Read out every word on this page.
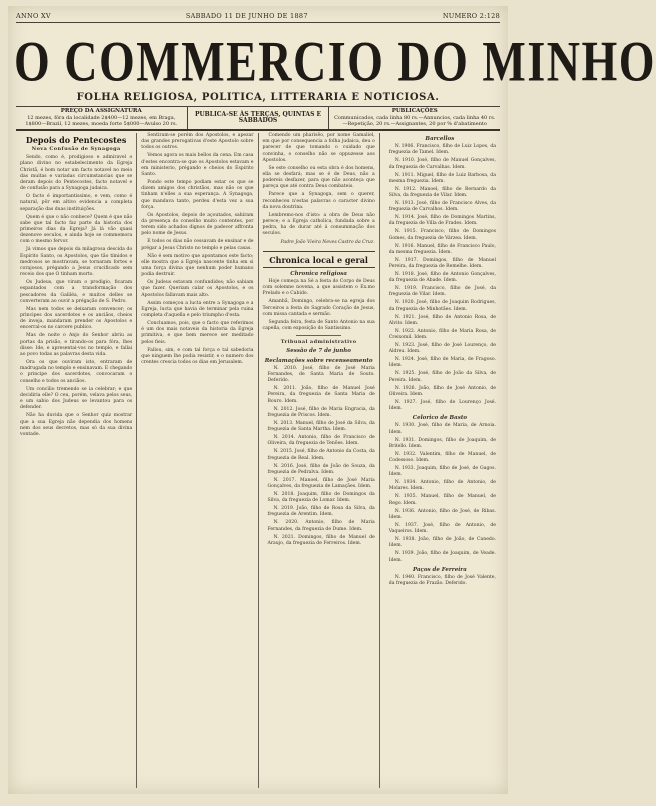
ANNO XV	SABBADO 11 DE JUNHO DE 1887	NUMERO 2:128
O COMMERCIO DO MINHO
FOLHA RELIGIOSA, POLITICA, LITTERARIA E NOTICIOSA.
PREÇO DA ASSIGNATURA
12 mezes, fóra da localidade 2$400—12 mezes, em Braga, 1$800—Brazil, 12 mezes, moeda forte 5$000—Avulso 20 rs.
PUBLICA-SE ÀS TERÇAS, QUINTAS E SABBADOS
PUBLICAÇÕES
Communicados, cada linha 80 rs.—Annuncios, cada linha 40 rs.—Repetição, 20 rs.—Assignantes, 20 por % d'abatimento
Depois do Pentecostes
Nova Confusão de Synagoga

Sendo, como é, prodigioso e admiravel o plano divino no estabelecimento da Egreja Christã, é bom notar um facto notavel no meio das muitas e variadas circumstancias que se deram depois do Pentecostes, facto notavel e de confusão para a Synagoga judaica.

O facto é importantissimo, e vem, como é natural, pôr em altivo evidencia a completa separação das duas instituições.

Quem é que o não conhece? Quem é que não sabe que tal facto faz parte da historia dos primeiros dias da Egreja? Já lá vão quasi dezenove seculos, e ainda hoje se commemora com o mesmo fervor.

Já vimos que depois da milagrosa descida do Espirito Santo, os Apostolos, que tão tímidos e medrosos se mostravam, se tornaram fortes e corajosos, prégando a Jesus crucificado sem receio dos que O tinham morto.

Os Judeus, que viram o prodigio, ficaram espantados com a transformação dos pescadores da Galiléa, e muitos delles se converteram ao ouvir a prégação de S. Pedro.

Mas nem todos se deixaram convencer; os principes dos sacerdotes e os anciãos, cheios de inveja, mandaram prender os Apostolos e encerral-os no carcere publico.

Mas de noite o Anjo do Senhor abriu as portas da prisão, e tirando-os para fóra, lhes disse: Ide, e apresentai-vos no templo, e fallai ao povo todas as palavras desta vida.

Ora os que ouviram isto, entraram de madrugada no templo e ensinavam. E chegando o principe dos sacerdotes, convocaram o conselho e todos os anciãos.

Um concilio tremendo se ia celebrar; e que decidiria elle? O ceu, porém, velava pelos seus, e um sabio dos Judeus se levantou para os defender.

Não ha duvida que o Senhor quiz mostrar que a sua Egreja não dependia dos homens nem dos seus decretos, mas só da sua divina vontade.

Sentiram-se porém dos Apostolos, e apezar das grandes prerogativas d'este Apostolo sobre todos os outros.

Vemos agora os mais bellos da cena. Em casa d'estes encontra-se que os Apostolos estavam e em ministerio, prégando e cheios do Espirito Santo.

Pondo este tempo podiam estar os que se dizem amigos dos christãos, mas não os que tinham n'elles a sua esperança. A Synagoga, que mandava tanto, perdeu d'esta vez a sua força.

Os Apostolos, depois de açoutados, sahiram da presença do conselho muito contentes, por terem sido achados dignos de padecer affronta pelo nome de Jesus.

E todos os dias não cessavam de ensinar e de prégar a Jesus Christo no templo e pelas casas.

Não é sem motivo que apontamos este facto; elle mostra que a Egreja nascente tinha em si uma força divina que nenhum poder humano podia destruir.

Os Judeus estavam confundidos; não sabiam que fazer. Queriam calar os Apostolos, e os Apostolos fallavam mais alto.

Assim começou a lucta entre a Synagoga e a Egreja, lucta que havia de terminar pela ruina completa d'aquella e pelo triumpho d'esta.

Concluamos, pois, que o facto que referimos é um dos mais notaveis da historia da Egreja primitiva, e que bem merece ser meditado pelos fieis.

Fallou, sim, e com tal força e tal sabedoria que ninguem lhe podia resistir, e o numero dos crentes crescia todos os dias em Jerusalem.

Comendo um pharisêo, por nome Gamaliel, em que por consequencia a folha judaica, deu o parecer de que tomando o cuidado que convinha, o conselho não se oppuzesse aos Apostolos.

Se este conselho ou esta obra é dos homens, ella se desfará; mas se é de Deus, não a podereis desfazer, para que não aconteça que pareça que até contra Deus combateis.

Parece que a Synagoga, sem o querer, reconheceu n'estas palavras o caracter divino da nova doutrina.

Lembremo-nos d'isto: a obra de Deus não perece; e a Egreja catholica, fundada sobre a pedra, ha de durar até á consummação dos seculos.

Padre João Vieira Neves Castro da Cruz.
Chronica local e geral
Chronica religiosa

Hoje começa na Sé a festa do Corpo de Deus com solemne novena, a que assistem o Ex.mo Prelado e o Cabido.

Amanhã, Domingo, celebra-se na egreja dos Terceiros a festa do Sagrado Coração de Jesus, com missa cantada e sermão.

Segunda feira, festa de Santo Antonio na sua capella, com exposição do Santissimo.

Tribunal administrativo
Sessão de 7 de junho
Reclamações sobre recenseamento

N. 2010. José, filho de José Maria Fernandes, de Santa Maria de Souto. Deferido.

N. 2011. João, filho de Manuel José Pereira, da freguezia de Santa Maria de Bouro. Idem.

N. 2012. José, filho de Maria Engracia, da freguezia de Priscos. Idem.

N. 2013. Manuel, filho de José da Silva, da freguezia de Santa Martha. Idem.

N. 2014. Antonio, filho de Francisco de Oliveira, da freguezia de Tenões. Idem.

N. 2015. José, filho de Antonio da Costa, da freguezia de Real. Idem.

N. 2016. José, filho de João de Souza, da freguezia de Pedralva. Idem.

N. 2017. Manoel, filho de José Maria Gonçalves, da freguezia de Lamaçães. Idem.

N. 2018. Joaquim, filho de Domingos da Silva, da freguezia de Lomar. Idem.

N. 2019. João, filho de Rosa da Silva, da freguezia de Arentim. Idem.

N. 2020. Antonio, filho de Maria Fernandes, da freguezia de Dume. Idem.

N. 2021. Domingos, filho de Manuel de Araujo, da freguezia de Ferreiros. Idem.

Barcellos

N. 1906. Francisco, filho de Luiz Lopes, da freguezia de Tamel. Idem.

N. 1910. José, filho de Manuel Gonçalves, da freguezia de Carvalhas. Idem.

N. 1911. Miguel, filho de Luiz Barbosa, da mesma freguezia. Idem.

N. 1912. Manoel, filho de Bernardo da Silva, da freguezia de Vilar. Idem.

N. 1913. José, filho de Francisco Alves, da freguezia de Carvalhos. Idem.

N. 1914. José, filho de Domingos Martins, da freguezia de Villa de Frades. Idem.

N. 1915. Francisco, filho de Domingos Gomes, da freguezia de Várzea. Idem.

N. 1916. Manuel, filho de Francisco Paulo, da mesma freguezia. Idem.

N. 1917. Domingos, filho de Manuel Pereira, da freguezia de Remelhe. Idem.

N. 1918. José, filho de Antonio Gonçalves, da freguezia de Abade. Idem.

N. 1919. Francisco, filho de José, da freguezia de Vilar. Idem.

N. 1920. José, filho de Joaquim Rodrigues, da freguezia de Minhotães. Idem.

N. 1921. José, filho de Antonio Rosa, de Alvito. Idem.

N. 1922. Antonio, filho de Maria Rosa, de Creixomil. Idem.

N. 1923. José, filho de José Lourenço, de Aldreu. Idem.

N. 1924. José, filho de Maria, de Fragoso. Idem.

N. 1925. José, filho de João da Silva, de Pereira. Idem.

N. 1926. João, filho de José Antonio, de Oliveira. Idem.

N. 1927. José, filho de Lourenço José. Idem.

Celorico de Basto

N. 1930. José, filho de Maria, de Arnoia. Idem.

N. 1931. Domingos, filho de Joaquim, de Britello. Idem.

N. 1932. Valentim, filho de Manuel, de Codessoso. Idem.

N. 1933. Joaquim, filho de José, de Gagos. Idem.

N. 1934. Antonio, filho de Antonio, de Molares. Idem.

N. 1935. Manuel, filho de Manuel, de Rego. Idem.

N. 1936. Antonio, filho de José, de Ribas. Idem.

N. 1937. José, filho de Antonio, de Vaqueiros. Idem.

N. 1938. João, filho de João, de Canedo. Idem.

N. 1939. João, filho de Joaquim, de Veade. Idem.

Paços de Ferreira

N. 1940. Francisco, filho de José Valente, da freguezia de Frazão. Deferido.
